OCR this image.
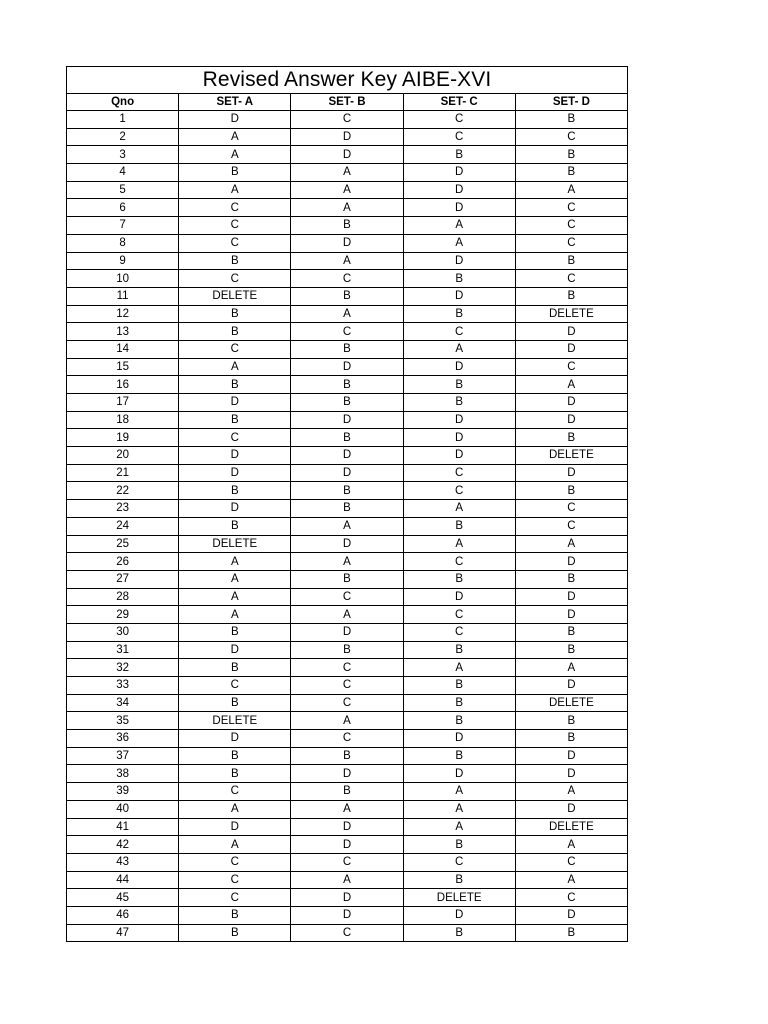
Revised Answer Key AIBE-XVI				
Qno	SET- A	SET- B	SET- C	SET- D
1	D	C	C	B
2	A	D	C	C
3	A	D	B	B
4	B	A	D	B
5	A	A	D	A
6	C	A	D	C
7	C	B	A	C
8	C	D	A	C
9	B	A	D	B
10	C	C	B	C
11	DELETE	B	D	B
12	B	A	B	DELETE
13	B	C	C	D
14	C	B	A	D
15	A	D	D	C
16	B	B	B	A
17	D	B	B	D
18	B	D	D	D
19	C	B	D	B
20	D	D	D	DELETE
21	D	D	C	D
22	B	B	C	B
23	D	B	A	C
24	B	A	B	C
25	DELETE	D	A	A
26	A	A	C	D
27	A	B	B	B
28	A	C	D	D
29	A	A	C	D
30	B	D	C	B
31	D	B	B	B
32	B	C	A	A
33	C	C	B	D
34	B	C	B	DELETE
35	DELETE	A	B	B
36	D	C	D	B
37	B	B	B	D
38	B	D	D	D
39	C	B	A	A
40	A	A	A	D
41	D	D	A	DELETE
42	A	D	B	A
43	C	C	C	C
44	C	A	B	A
45	C	D	DELETE	C
46	B	D	D	D
47	B	C	B	B
